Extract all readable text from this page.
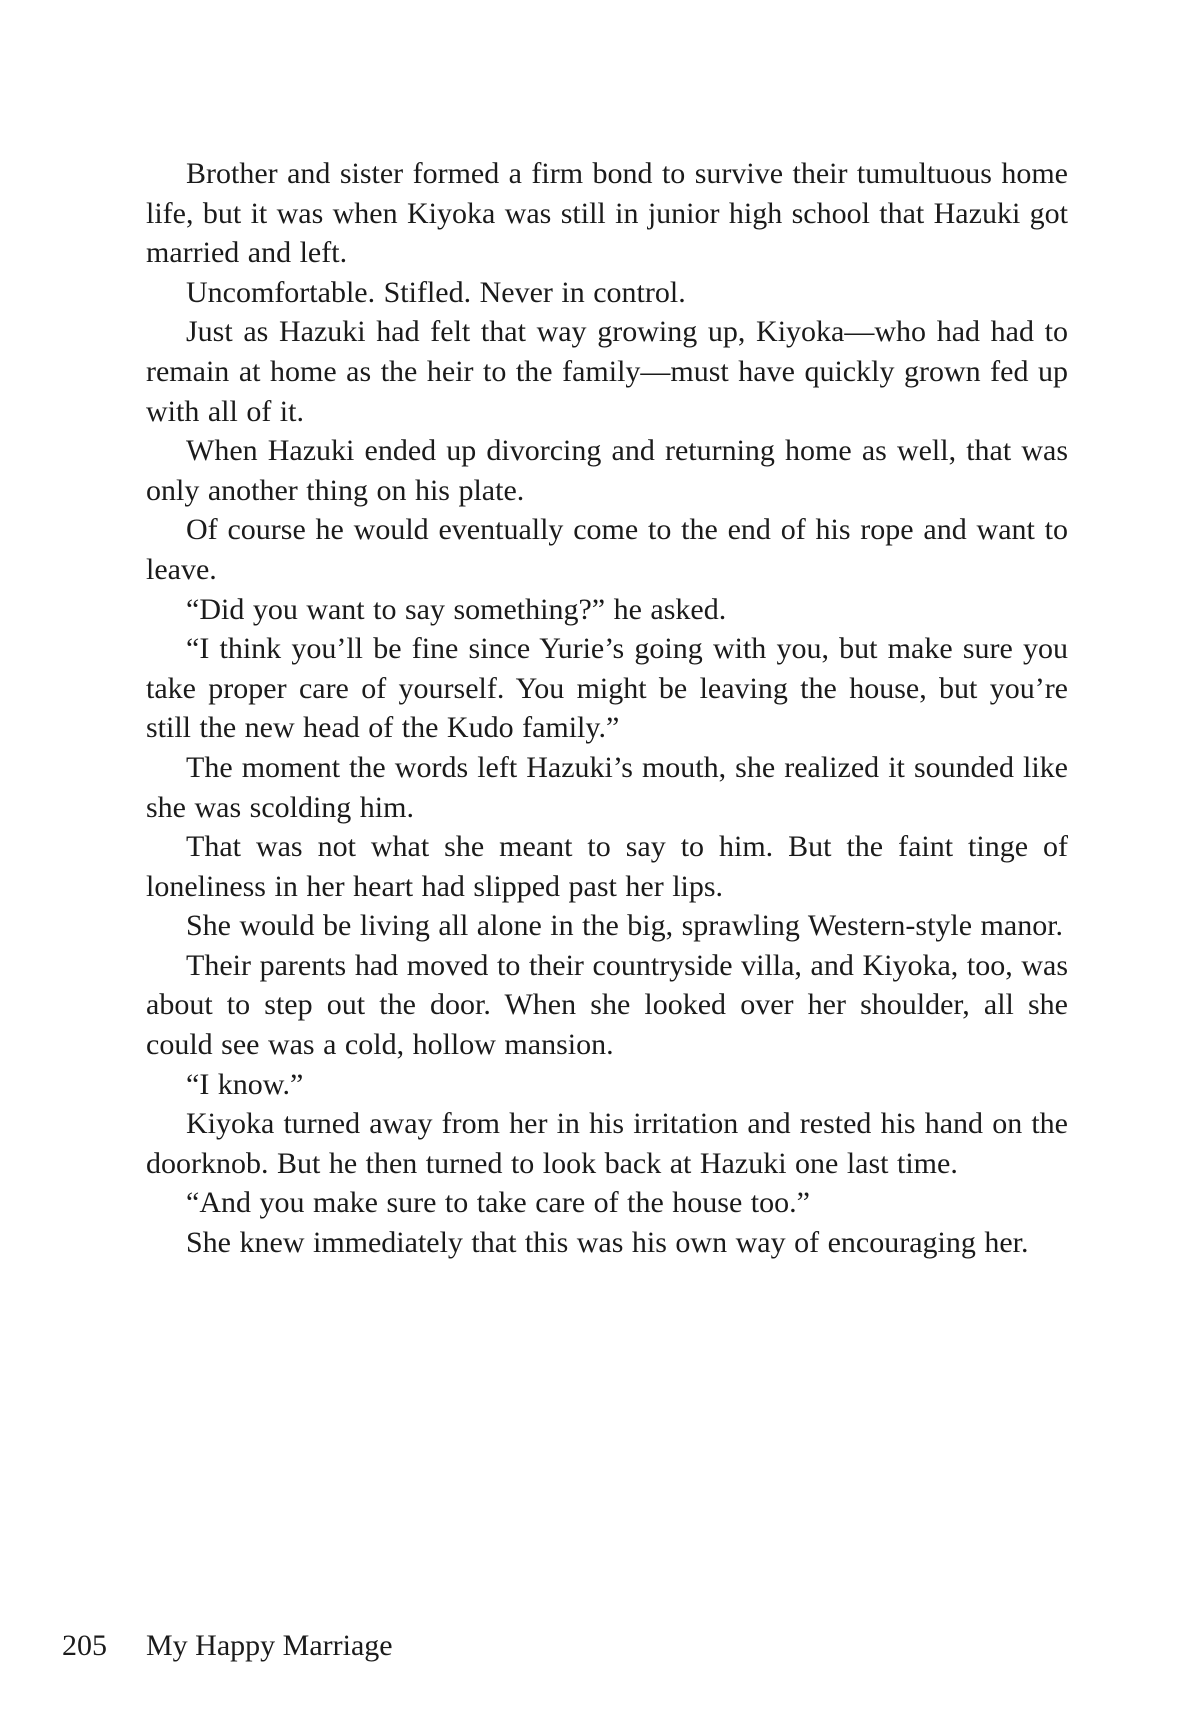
Brother and sister formed a firm bond to survive their tumultuous home life, but it was when Kiyoka was still in junior high school that Hazuki got married and left.

Uncomfortable. Stifled. Never in control.

Just as Hazuki had felt that way growing up, Kiyoka—who had had to remain at home as the heir to the family—must have quickly grown fed up with all of it.

When Hazuki ended up divorcing and returning home as well, that was only another thing on his plate.

Of course he would eventually come to the end of his rope and want to leave.

“Did you want to say something?” he asked.

“I think you’ll be fine since Yurie’s going with you, but make sure you take proper care of yourself. You might be leaving the house, but you’re still the new head of the Kudo family.”

The moment the words left Hazuki’s mouth, she realized it sounded like she was scolding him.

That was not what she meant to say to him. But the faint tinge of loneliness in her heart had slipped past her lips.

She would be living all alone in the big, sprawling Western-style manor.

Their parents had moved to their countryside villa, and Kiyoka, too, was about to step out the door. When she looked over her shoulder, all she could see was a cold, hollow mansion.

“I know.”

Kiyoka turned away from her in his irritation and rested his hand on the doorknob. But he then turned to look back at Hazuki one last time.

“And you make sure to take care of the house too.”

She knew immediately that this was his own way of encouraging her.

205 My Happy Marriage
